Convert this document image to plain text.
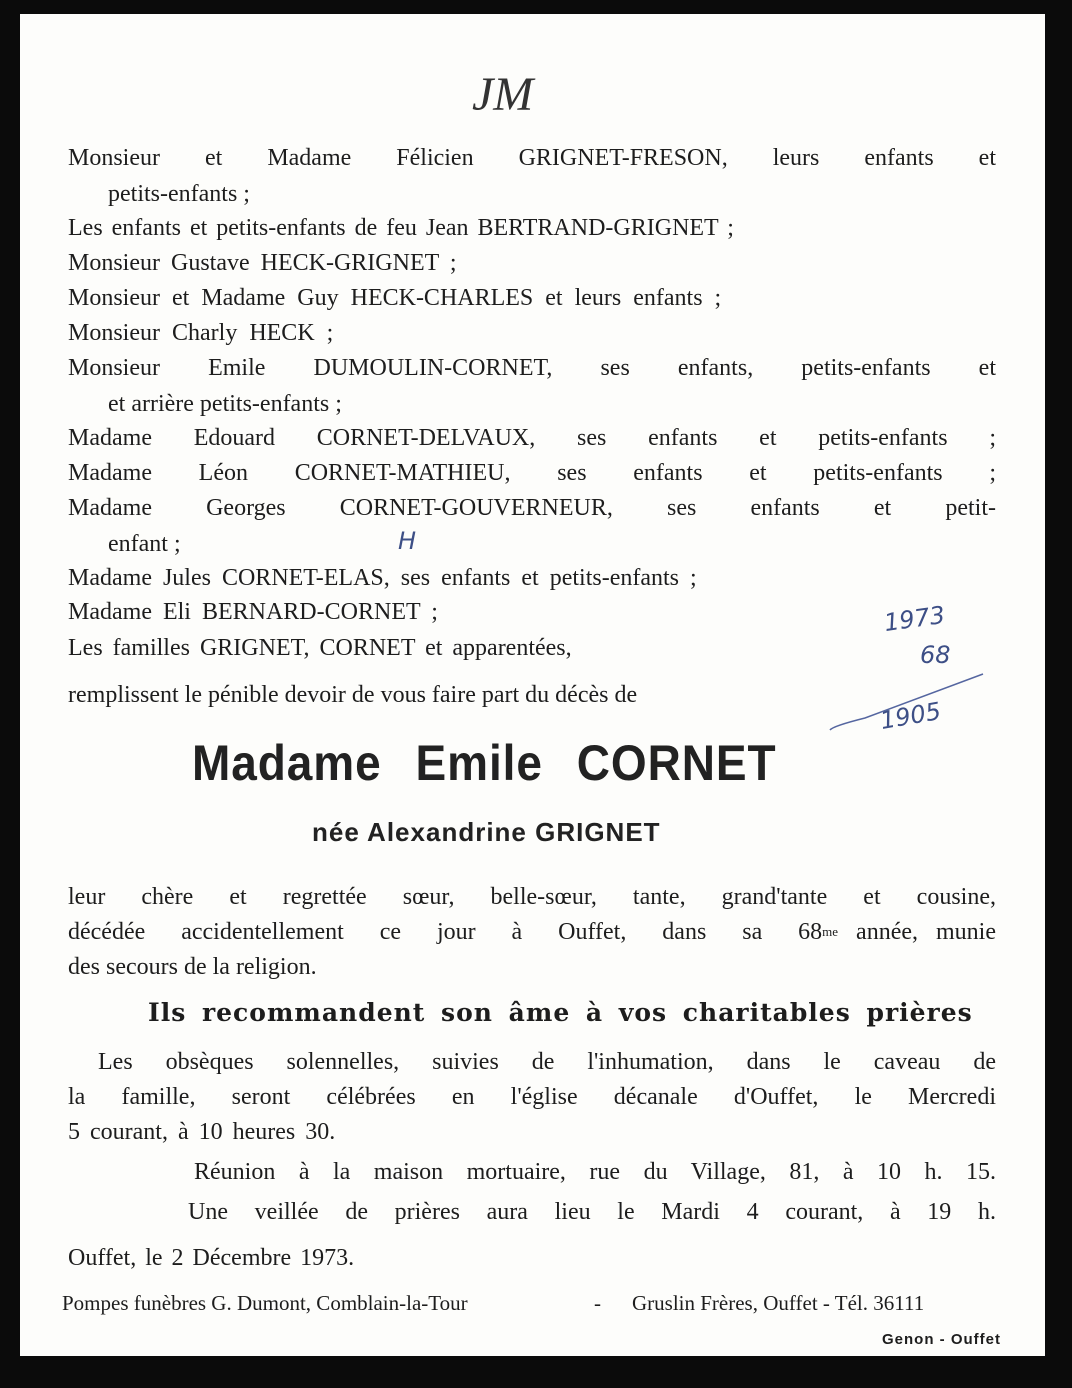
JM
Monsieur et Madame Félicien GRIGNET-FRESON, leurs enfants et
petits-enfants ;
Les enfants et petits-enfants de feu Jean BERTRAND-GRIGNET ;
Monsieur Gustave HECK-GRIGNET ;
Monsieur et Madame Guy HECK-CHARLES et leurs enfants ;
Monsieur Charly HECK ;
Monsieur Emile DUMOULIN-CORNET, ses enfants, petits-enfants et
et arrière petits-enfants ;
Madame Edouard CORNET-DELVAUX, ses enfants et petits-enfants ;
Madame Léon CORNET-MATHIEU, ses enfants et petits-enfants ;
Madame Georges CORNET-GOUVERNEUR, ses enfants et petit-
enfant ;
Madame Jules CORNET-ELAS, ses enfants et petits-enfants ;
Madame Eli BERNARD-CORNET ;
Les familles GRIGNET, CORNET et apparentées,
remplissent le pénible devoir de vous faire part du décès de
Madame Emile CORNET
née Alexandrine GRIGNET
leur chère et regrettée sœur, belle-sœur, tante, grand'tante et cousine,
décédée accidentellement ce jour à Ouffet, dans sa 68 me année, munie
des secours de la religion.
Ils recommandent son âme à vos charitables prières
Les obsèques solennelles, suivies de l'inhumation, dans le caveau de
la famille, seront célébrées en l'église décanale d'Ouffet, le Mercredi
5 courant, à 10 heures 30.
Réunion à la maison mortuaire, rue du Village, 81, à 10 h. 15.
Une veillée de prières aura lieu le Mardi 4 courant, à 19 h.
Ouffet, le 2 Décembre 1973.
Pompes funèbres G. Dumont, Comblain-la-Tour	- Gruslin Frères, Ouffet - Tél. 36111
Genon - Ouffet
H
1973
68
1905
